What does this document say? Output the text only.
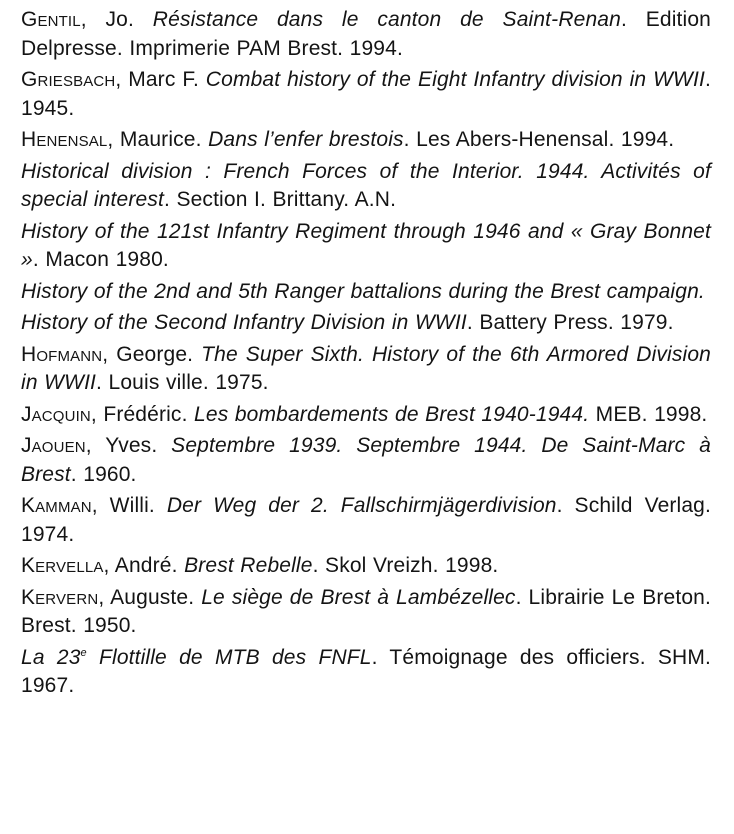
Gentil, Jo. Résistance dans le canton de Saint-Renan. Edition Delpresse. Imprimerie PAM Brest. 1994.

Griesbach, Marc F. Combat history of the Eight Infantry division in WWII. 1945.

Henensal, Maurice. Dans l’enfer brestois. Les Abers-Henensal. 1994.

Historical division : French Forces of the Interior. 1944. Activités of special interest. Section I. Brittany. A.N.

History of the 121st Infantry Regiment through 1946 and « Gray Bonnet ». Macon 1980.

History of the 2nd and 5th Ranger battalions during the Brest campaign.

History of the Second Infantry Division in WWII. Battery Press. 1979.

Hofmann, George. The Super Sixth. History of the 6th Armored Division in WWII. Louis ville. 1975.

Jacquin, Frédéric. Les bombardements de Brest 1940-1944. MEB. 1998.

Jaouen, Yves. Septembre 1939. Septembre 1944. De Saint-Marc à Brest. 1960.

Kamman, Willi. Der Weg der 2. Fallschirmjägerdivision. Schild Verlag. 1974.

Kervella, André. Brest Rebelle. Skol Vreizh. 1998.

Kervern, Auguste. Le siège de Brest à Lambézellec. Librairie Le Breton. Brest. 1950.

La 23e Flottille de MTB des FNFL. Témoignage des officiers. SHM. 1967.
